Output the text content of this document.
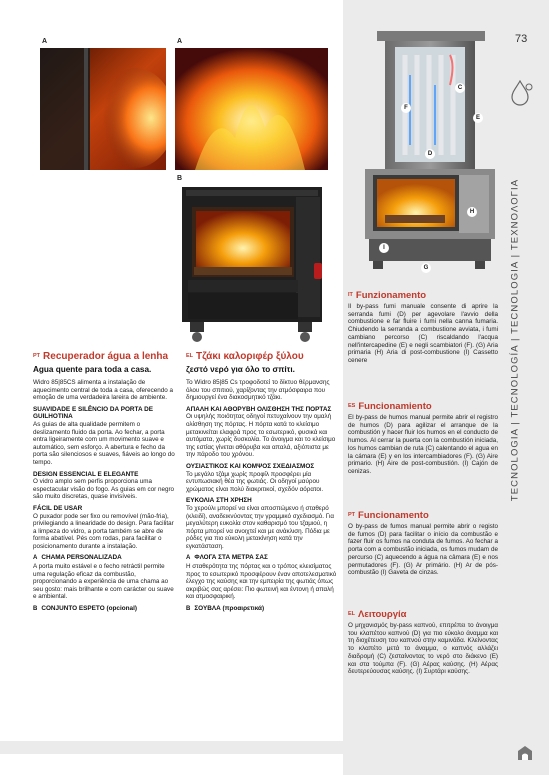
73
TECNOLOGIA | TECNOLOGÍA | TECNOLOGIA | ΤΕΧΝΟΛΟΓΙΑ
A	A
B
C
E
F
D
H
I
G
$^{PT}$ Recuperador água a lenha
Agua quente para toda a casa.

Widro 85|85CS alimenta a instalação de aquecimento central de toda a casa, oferecendo a emoção de uma verdadeira lareira de ambiente.

SUAVIDADE E SILÊNCIO DA PORTA DE GUILHOTINA

As guias de alta qualidade permitem o deslizamento fluido da porta. Ao fechar, a porta entra ligeiramente com um movimento suave e automático, sem esforço. A abertura e fecho da porta são silenciosos e suaves, fiáveis ao longo do tempo.

DESIGN ESSENCIAL E ELEGANTE

O vidro amplo sem perfis proporciona uma espectacular visão do fogo. As guias em cor negro são muito discretas, quase invisíveis.

FÁCIL DE USAR

O puxador pode ser fixo ou removível (mão-fria), privilegiando a linearidade do design. Para facilitar a limpeza do vidro, a porta também se abre de forma abatível. Pés com rodas, para facilitar o posicionamento durante a instalação.

A CHAMA PERSONALIZADA

A porta muito estável e o fecho retráctil permite uma regulação eficaz da combustão, proporcionando a experiência de uma chama ao seu gosto: mais brilhante e com carácter ou suave e ambiental.

B CONJUNTO ESPETO (opcional)
$^{EL}$ Τζάκι καλοριφέρ ξύλου
ζεστό νερό για όλο το σπίτι.

Το Widro 85|85 Cs τροφοδοτεί το δίκτυο θέρμανσης όλου του σπιτιού, χαρίζοντας την ατμόσφαιρα που δημιουργεί ένα διακοσμητικό τζάκι.

ΑΠΑΛΗ ΚΑΙ ΑΘΟΡΥΒΗ ΟΛΙΣΘΗΣΗ ΤΗΣ ΠΟΡΤΑΣ

Οι υψηλής ποιότητας οδηγοί πετυχαίνουν την ομαλή ολίσθηση της πόρτας. Η πόρτα κατά το κλείσιμο μετακινείται ελαφρά προς το εσωτερικό, φυσικά και αυτόματα, χωρίς δυσκολία. Το άνοιγμα και το κλείσιμο της εστίας γίνεται αθόρυβα και απαλά, αξιόπιστα με την πάροδο του χρόνου.

ΟΥΣΙΑΣΤΙΚΟΣ ΚΑΙ ΚΟΜΨΟΣ ΣΧΕΔΙΑΣΜΟΣ

Το μεγάλο τζάμι χωρίς προφίλ προσφέρει μία εντυπωσιακή θέα της φωτιάς. Οι οδηγοί μαύρου χρώματος είναι πολύ διακριτικοί, σχεδόν αόρατοι.

ΕΥΚΟΛΙΑ ΣΤΗ ΧΡΗΣΗ

Το χερούλι μπορεί να είναι αποσπώμενο ή σταθερό (κλειδί), αναδεικνύοντας την γραμμικό σχεδιασμό. Για μεγαλύτερη ευκολία στον καθαρισμό του τζαμιού, η πόρτα μπορεί να ανοιχτεί και με ανάκλιση. Πόδια με ρόδες για πιο εύκολη μετακίνηση κατά την εγκατάσταση.

A ΦΛΟΓΑ ΣΤΑ ΜΕΤΡΑ ΣΑΣ

Η σταθερότητα της πόρτας και ο τρόπος κλεισίματος προς το εσωτερικό προσφέρουν έναν αποτελεσματικό έλεγχο της καύσης και την εμπειρία της φωτιάς όπως ακριβώς σας αρέσει: Πιο φωτεινή και έντονη ή απαλή και ατμοσφαιρική.

B ΣΟΥΒΛΑ (προαιρετικά)
$^{IT}$ Funzionamento

Il by-pass fumi manuale consente di aprire la serranda fumi (D) per agevolare l'avvio della combustione e far fluire i fumi nella canna fumaria. Chiudendo la serranda a combustione avviata, i fumi cambiano percorso (C) riscaldando l'acqua nell'intercapedine (E) e negli scambiatori (F). (G) Aria primaria (H) Aria di post-combustione (I) Cassetto cenere

$^{ES}$ Funcionamiento

El by-pass de humos manual permite abrir el registro de humos (D) para agilizar el arranque de la combustión y hacer fluir los humos en el conducto de humos. Al cerrar la puerta con la combustión iniciada, los humos cambian de ruta (C) calentando el agua en la cámara (E) y en los intercambiadores (F). (G) Aire primario. (H) Aire de post-combustión. (I) Cajón de cenizas.

$^{PT}$ Funcionamento

O by-pass de fumos manual permite abrir o registo de fumos (D) para facilitar o início da combustão e fazer fluir os fumos na conduta de fumos. Ao fechar a porta com a combustão iniciada, os fumos mudam de percurso (C) aquecendo a água na câmara (E) e nos permutadores (F). (G) Ar primário. (H) Ar de pós-combustão (I) Gaveta de cinzas.

$^{EL}$ Λειτουργία

Ο μηχανισμός by-pass καπνού, επιτρέπει το άνοιγμα του κλαπέτου καπνού (D) για πιο εύκολο άναμμα και τη διοχέτευση του καπνού στην καμινάδα. Κλείνοντας το κλαπέτο μετά το άναμμα, ο καπνός αλλάζει διαδρομή (C) ζεσταίνοντας το νερό στο διάκενο (E) και στα τούμπα (F). (G) Αέρας καύσης. (H) Αέρας δευτερεύουσας καύσης. (I) Συρτάρι καύσης.
